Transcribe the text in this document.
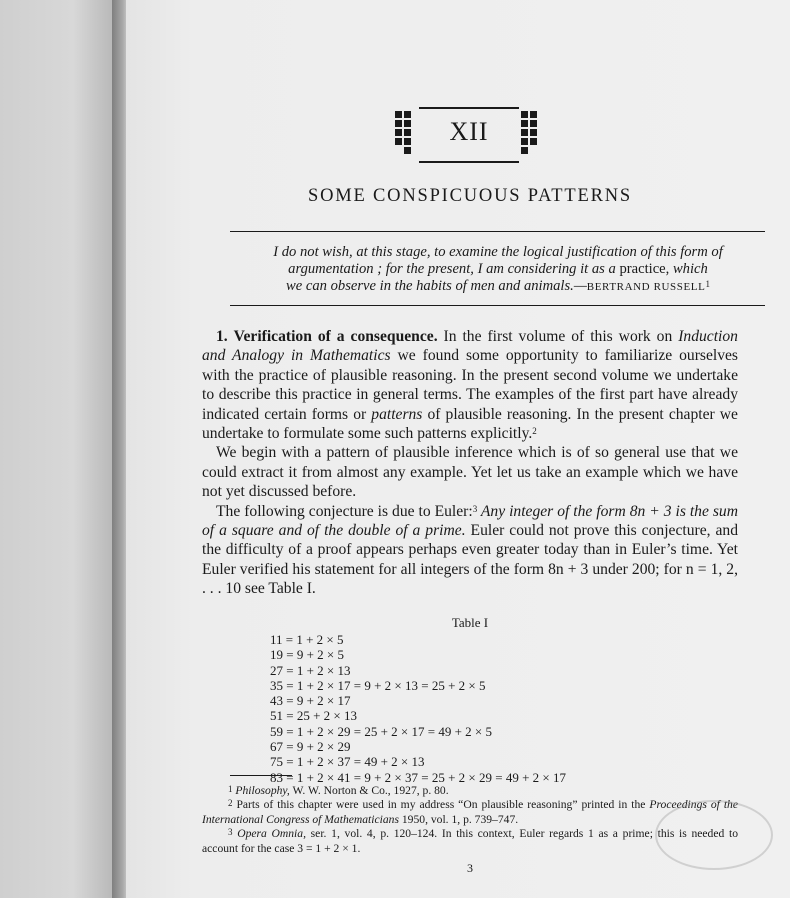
XII
SOME CONSPICUOUS PATTERNS
I do not wish, at this stage, to examine the logical justification of this form of
argumentation ; for the present, I am considering it as a practice, which
we can observe in the habits of men and animals.—BERTRAND RUSSELL$^1$

1. Verification of a consequence. In the first volume of this work on Induction and Analogy in Mathematics we found some opportunity to familiarize ourselves with the practice of plausible reasoning. In the present second volume we undertake to describe this practice in general terms. The examples of the first part have already indicated certain forms or patterns of plausible reasoning. In the present chapter we undertake to formulate some such patterns explicitly.$^2$

We begin with a pattern of plausible inference which is of so general use that we could extract it from almost any example. Yet let us take an example which we have not yet discussed before.

The following conjecture is due to Euler:$^3$ Any integer of the form 8n + 3 is the sum of a square and of the double of a prime. Euler could not prove this conjecture, and the difficulty of a proof appears perhaps even greater today than in Euler’s time. Yet Euler verified his statement for all integers of the form 8n + 3 under 200; for n = 1, 2, . . . 10 see Table I.

Table I
11 = 1 + 2 × 5
19 = 9 + 2 × 5
27 = 1 + 2 × 13
35 = 1 + 2 × 17 = 9 + 2 × 13 = 25 + 2 × 5
43 = 9 + 2 × 17
51 = 25 + 2 × 13
59 = 1 + 2 × 29 = 25 + 2 × 17 = 49 + 2 × 5
67 = 9 + 2 × 29
75 = 1 + 2 × 37 = 49 + 2 × 13
83 = 1 + 2 × 41 = 9 + 2 × 37 = 25 + 2 × 29 = 49 + 2 × 17

$^1$ Philosophy, W. W. Norton & Co., 1927, p. 80.

$^2$ Parts of this chapter were used in my address “On plausible reasoning” printed in the Proceedings of the International Congress of Mathematicians 1950, vol. 1, p. 739–747.

$^3$ Opera Omnia, ser. 1, vol. 4, p. 120–124. In this context, Euler regards 1 as a prime; this is needed to account for the case 3 = 1 + 2 × 1.

3
